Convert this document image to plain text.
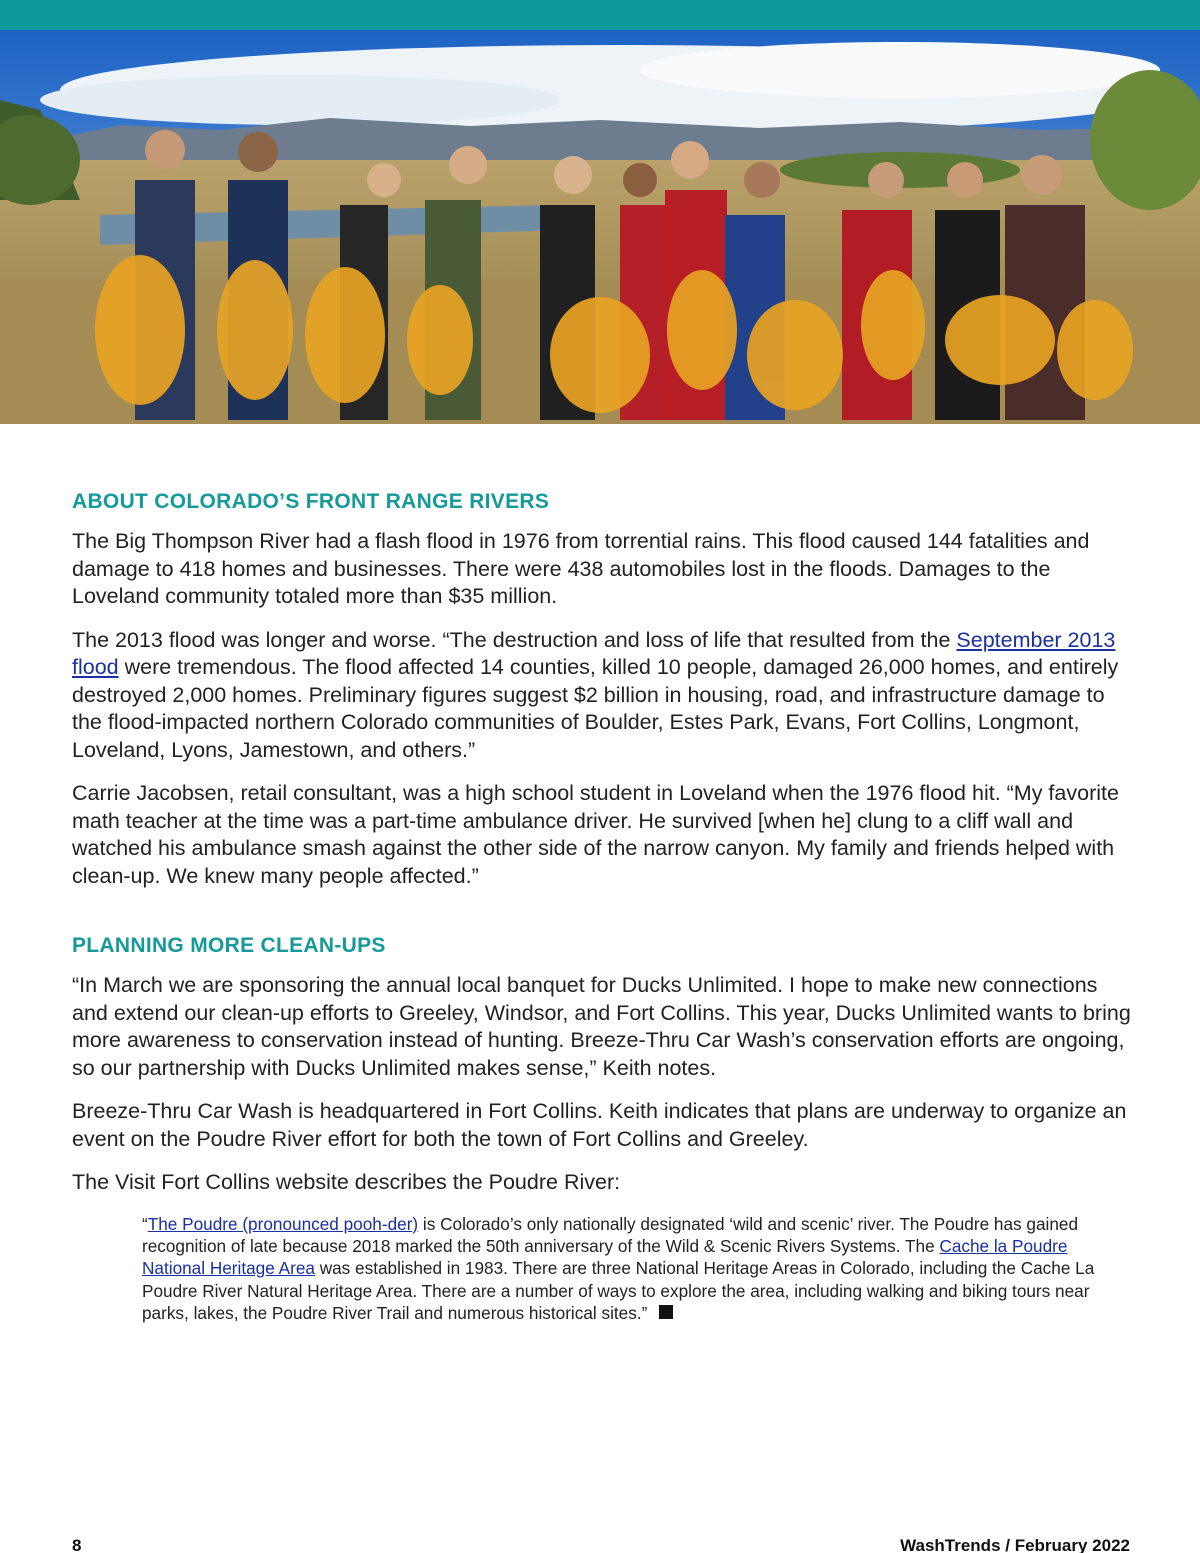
ABOUT COLORADO’S FRONT RANGE RIVERS

The Big Thompson River had a flash flood in 1976 from torrential rains. This flood caused 144 fatalities and damage to 418 homes and businesses. There were 438 automobiles lost in the floods. Damages to the Loveland community totaled more than $35 million.

The 2013 flood was longer and worse. “The destruction and loss of life that resulted from the September 2013 flood were tremendous. The flood affected 14 counties, killed 10 people, damaged 26,000 homes, and entirely destroyed 2,000 homes. Preliminary figures suggest $2 billion in housing, road, and infrastructure damage to the flood-impacted northern Colorado communities of Boulder, Estes Park, Evans, Fort Collins, Longmont, Loveland, Lyons, Jamestown, and others.”

Carrie Jacobsen, retail consultant, was a high school student in Loveland when the 1976 flood hit. “My favorite math teacher at the time was a part-time ambulance driver. He survived [when he] clung to a cliff wall and watched his ambulance smash against the other side of the narrow canyon. My family and friends helped with clean-up. We knew many people affected.”

PLANNING MORE CLEAN-UPS

“In March we are sponsoring the annual local banquet for Ducks Unlimited. I hope to make new connections and extend our clean-up efforts to Greeley, Windsor, and Fort Collins. This year, Ducks Unlimited wants to bring more awareness to conservation instead of hunting. Breeze-Thru Car Wash’s conservation efforts are ongoing, so our partnership with Ducks Unlimited makes sense,” Keith notes.

Breeze-Thru Car Wash is headquartered in Fort Collins. Keith indicates that plans are underway to organize an event on the Poudre River effort for both the town of Fort Collins and Greeley.

The Visit Fort Collins website describes the Poudre River:

“The Poudre (pronounced pooh-der) is Colorado’s only nationally designated ‘wild and scenic’ river. The Poudre has gained recognition of late because 2018 marked the 50th anniversary of the Wild & Scenic Rivers Systems. The Cache la Poudre National Heritage Area was established in 1983. There are three National Heritage Areas in Colorado, including the Cache La Poudre River Natural Heritage Area. There are a number of ways to explore the area, including walking and biking tours near parks, lakes, the Poudre River Trail and numerous historical sites.”
8	WashTrends / February 2022
